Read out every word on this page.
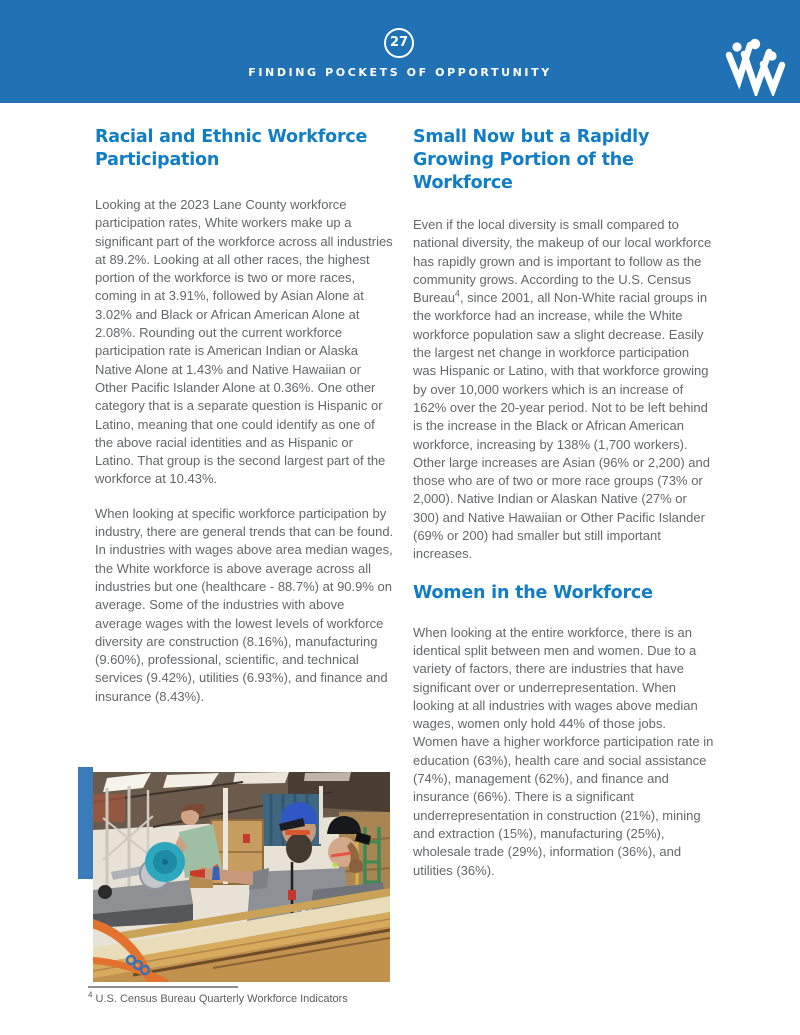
27
FINDING POCKETS OF OPPORTUNITY
Racial and Ethnic Workforce
Participation

Looking at the 2023 Lane County workforce participation rates, White workers make up a significant part of the workforce across all industries at 89.2%. Looking at all other races, the highest portion of the workforce is two or more races, coming in at 3.91%, followed by Asian Alone at 3.02% and Black or African American Alone at 2.08%. Rounding out the current workforce participation rate is American Indian or Alaska Native Alone at 1.43% and Native Hawaiian or Other Pacific Islander Alone at 0.36%. One other category that is a separate question is Hispanic or Latino, meaning that one could identify as one of the above racial identities and as Hispanic or Latino. That group is the second largest part of the workforce at 10.43%.

When looking at specific workforce participation by industry, there are general trends that can be found. In industries with wages above area median wages, the White workforce is above average across all industries but one (healthcare - 88.7%) at 90.9% on average. Some of the industries with above average wages with the lowest levels of workforce diversity are construction (8.16%), manufacturing (9.60%), professional, scientific, and technical services (9.42%), utilities (6.93%), and finance and insurance (8.43%).

Small Now but a Rapidly
Growing Portion of the
Workforce

Even if the local diversity is small compared to national diversity, the makeup of our local workforce has rapidly grown and is important to follow as the community grows. According to the U.S. Census Bureau$^4$, since 2001, all Non-White racial groups in the workforce had an increase, while the White workforce population saw a slight decrease. Easily the largest net change in workforce participation was Hispanic or Latino, with that workforce growing by over 10,000 workers which is an increase of 162% over the 20-year period. Not to be left behind is the increase in the Black or African American workforce, increasing by 138% (1,700 workers). Other large increases are Asian (96% or 2,200) and those who are of two or more race groups (73% or 2,000). Native Indian or Alaskan Native (27% or 300) and Native Hawaiian or Other Pacific Islander (69% or 200) had smaller but still important increases.

Women in the Workforce

When looking at the entire workforce, there is an identical split between men and women. Due to a variety of factors, there are industries that have significant over or underrepresentation. When looking at all industries with wages above median wages, women only hold 44% of those jobs. Women have a higher workforce participation rate in education (63%), health care and social assistance (74%), management (62%), and finance and insurance (66%). There is a significant underrepresentation in construction (21%), mining and extraction (15%), manufacturing (25%), wholesale trade (29%), information (36%), and utilities (36%).

$^4$ U.S. Census Bureau Quarterly Workforce Indicators
